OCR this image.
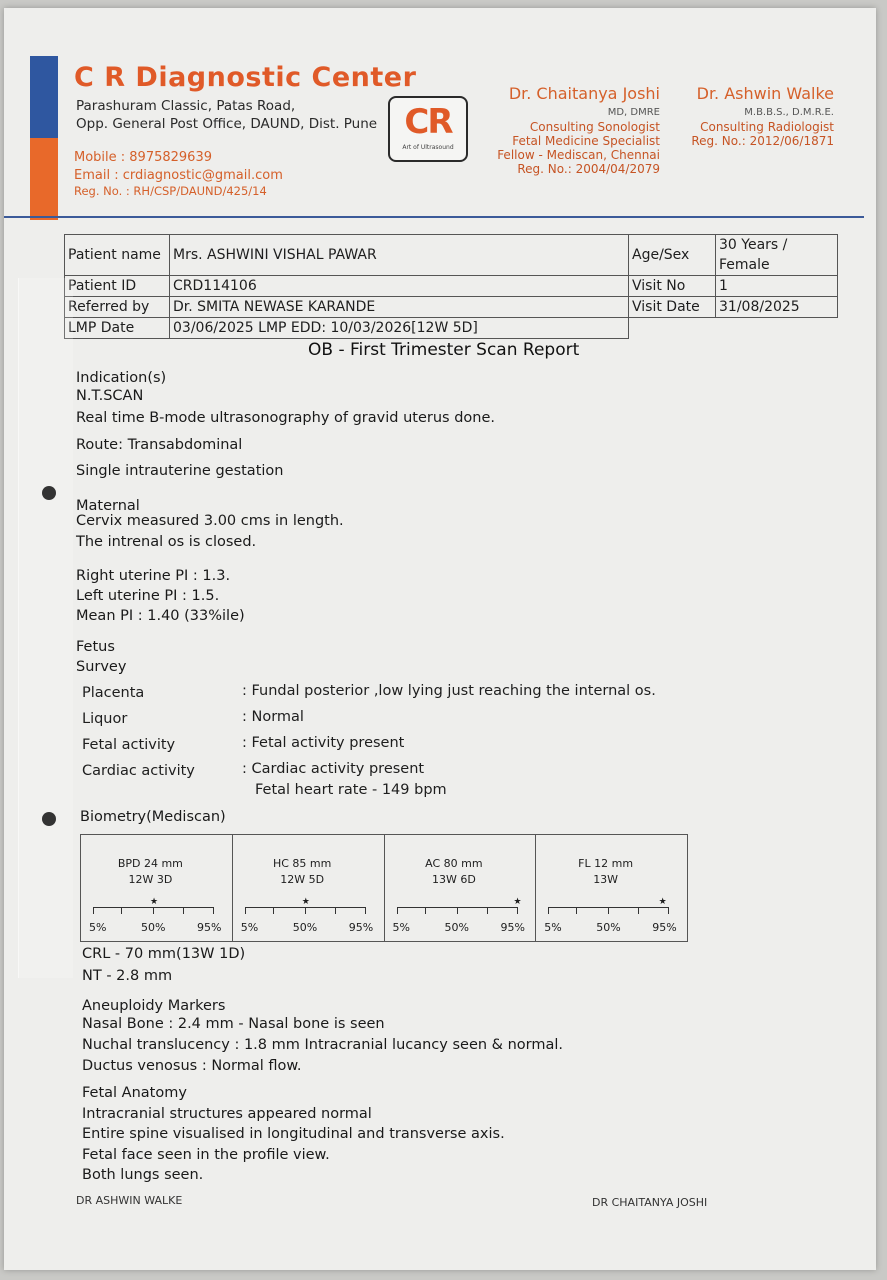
C R Diagnostic Center
Parashuram Classic, Patas Road,
Opp. General Post Office, DAUND, Dist. Pune
Mobile : 8975829639
Email : crdiagnostic@gmail.com
Reg. No. : RH/CSP/DAUND/425/14
CR
Art of Ultrasound
Dr. Chaitanya Joshi
MD, DMRE
Consulting Sonologist
Fetal Medicine Specialist
Fellow - Mediscan, Chennai
Reg. No.: 2004/04/2079
Dr. Ashwin Walke
M.B.B.S., D.M.R.E.
Consulting Radiologist
Reg. No.: 2012/06/1871
Patient name	Mrs. ASHWINI VISHAL PAWAR	Age/Sex	30 Years / Female
Patient ID	CRD114106	Visit No	1
Referred by	Dr. SMITA NEWASE KARANDE	Visit Date	31/08/2025
LMP Date	03/06/2025 LMP EDD: 10/03/2026[12W 5D]		
OB - First Trimester Scan Report
Indication(s)
N.T.SCAN
Real time B-mode ultrasonography of gravid uterus done.
Route: Transabdominal
Single intrauterine gestation
Maternal
Cervix measured 3.00 cms in length.
The intrenal os is closed.
Right uterine PI : 1.3.
Left uterine PI : 1.5.
Mean PI : 1.40 (33%ile)
Fetus
Survey
Placenta	: Fundal posterior ,low lying just reaching the internal os.
Liquor	: Normal
Fetal activity	: Fetal activity present
Cardiac activity	: Cardiac activity present
Fetal heart rate - 149 bpm
Biometry(Mediscan)
BPD 24 mm
12W 3D
★
5%	50%	95%
HC 85 mm
12W 5D
★
5%	50%	95%
AC 80 mm
13W 6D
★
5%	50%	95%
FL 12 mm
13W
★
5%	50%	95%
CRL - 70 mm(13W 1D)
NT - 2.8 mm
Aneuploidy Markers
Nasal Bone : 2.4 mm - Nasal bone is seen
Nuchal translucency : 1.8 mm Intracranial lucancy seen & normal.
Ductus venosus : Normal flow.
Fetal Anatomy
Intracranial structures appeared normal
Entire spine visualised in longitudinal and transverse axis.
Fetal face seen in the profile view.
Both lungs seen.
DR ASHWIN WALKE	DR CHAITANYA JOSHI
